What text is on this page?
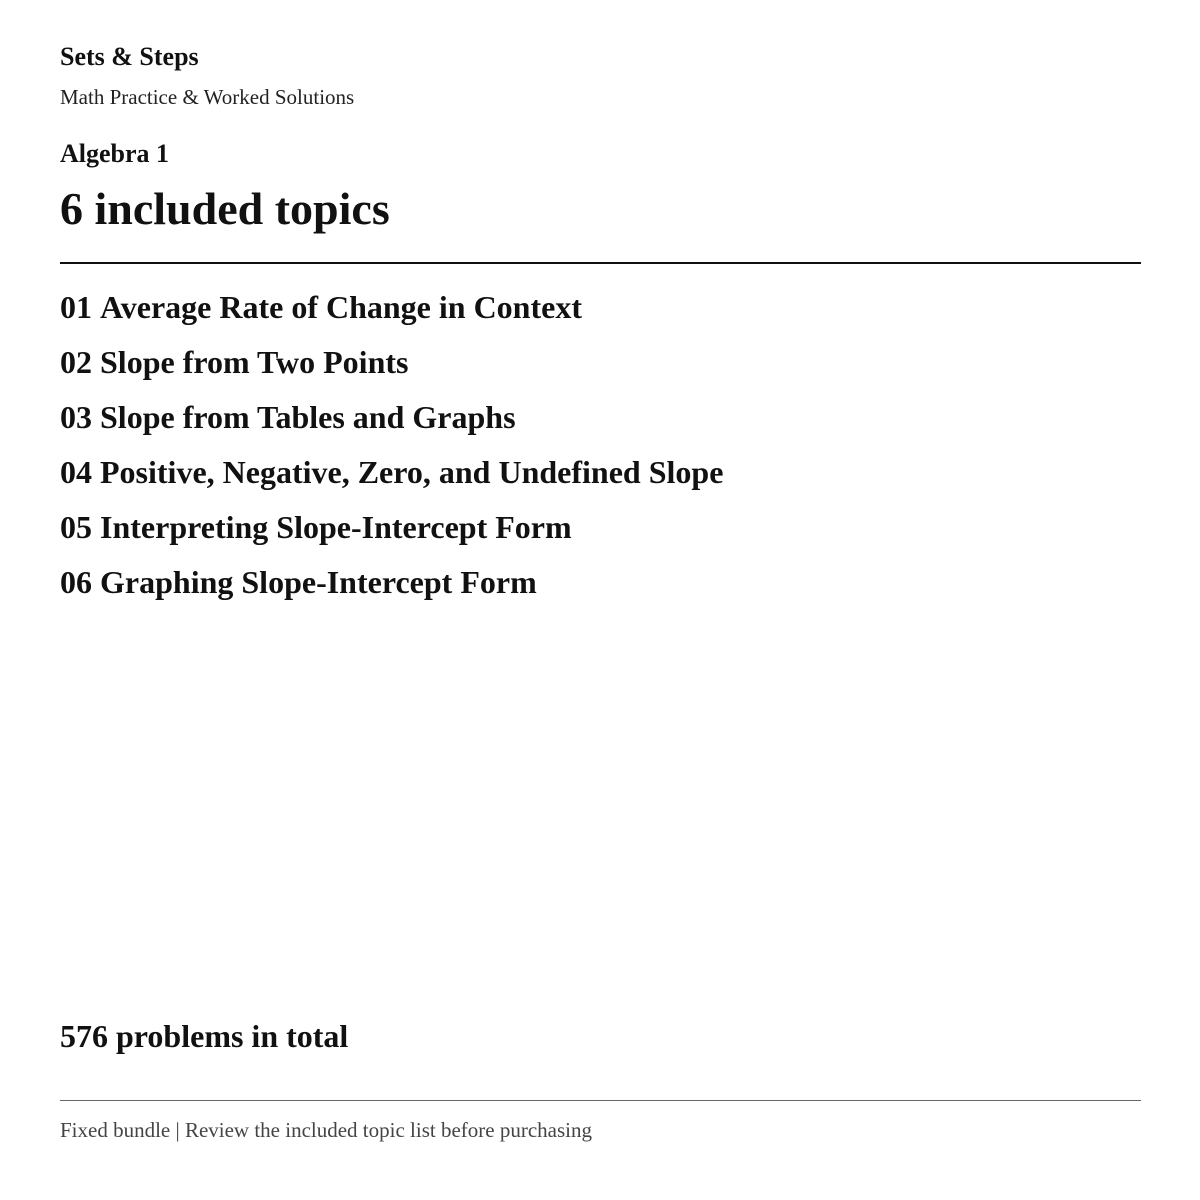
Sets & Steps
Math Practice & Worked Solutions
Algebra 1
6 included topics
01 Average Rate of Change in Context
02 Slope from Two Points
03 Slope from Tables and Graphs
04 Positive, Negative, Zero, and Undefined Slope
05 Interpreting Slope-Intercept Form
06 Graphing Slope-Intercept Form
576 problems in total
Fixed bundle | Review the included topic list before purchasing
